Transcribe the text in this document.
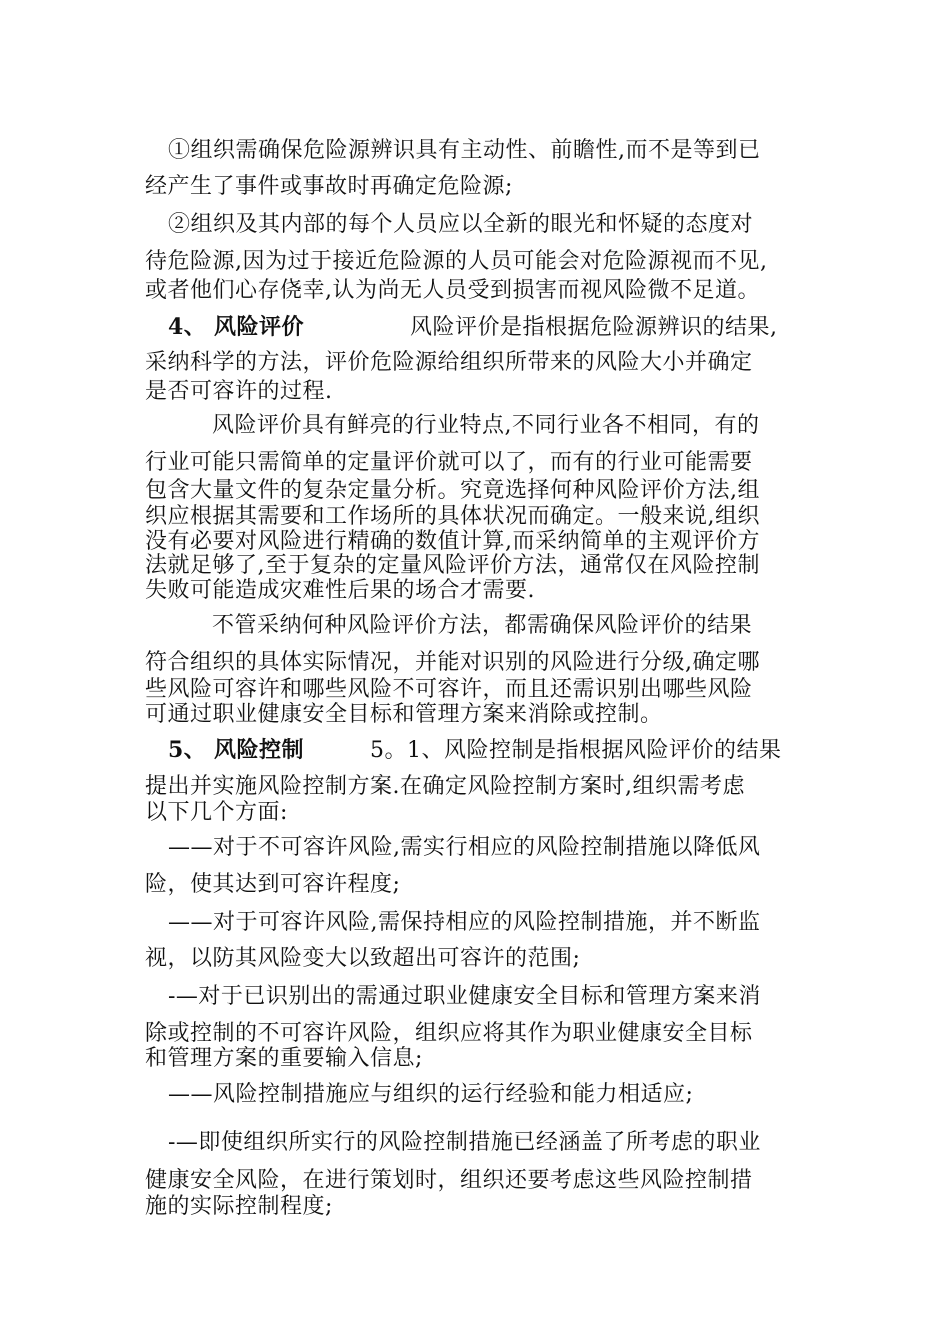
①组织需确保危险源辨识具有主动性、前瞻性,而不是等到已
经产生了事件或事故时再确定危险源;
②组织及其内部的每个人员应以全新的眼光和怀疑的态度对
待危险源,因为过于接近危险源的人员可能会对危险源视而不见,
或者他们心存侥幸,认为尚无人员受到损害而视风险微不足道。
4、 风险评价	风险评价是指根据危险源辨识的结果,
采纳科学的方法，评价危险源给组织所带来的风险大小并确定
是否可容许的过程.
风险评价具有鲜亮的行业特点,不同行业各不相同，有的
行业可能只需简单的定量评价就可以了，而有的行业可能需要
包含大量文件的复杂定量分析。究竟选择何种风险评价方法,组
织应根据其需要和工作场所的具体状况而确定。一般来说,组织
没有必要对风险进行精确的数值计算,而采纳简单的主观评价方
法就足够了,至于复杂的定量风险评价方法，通常仅在风险控制
失败可能造成灾难性后果的场合才需要.
不管采纳何种风险评价方法，都需确保风险评价的结果
符合组织的具体实际情况，并能对识别的风险进行分级,确定哪
些风险可容许和哪些风险不可容许，而且还需识别出哪些风险
可通过职业健康安全目标和管理方案来消除或控制。
5、 风险控制	5。1、风险控制是指根据风险评价的结果
提出并实施风险控制方案.在确定风险控制方案时,组织需考虑
以下几个方面:
——对于不可容许风险,需实行相应的风险控制措施以降低风
险，使其达到可容许程度;
——对于可容许风险,需保持相应的风险控制措施，并不断监
视，以防其风险变大以致超出可容许的范围;
-—对于已识别出的需通过职业健康安全目标和管理方案来消
除或控制的不可容许风险，组织应将其作为职业健康安全目标
和管理方案的重要输入信息;
——风险控制措施应与组织的运行经验和能力相适应;
-—即使组织所实行的风险控制措施已经涵盖了所考虑的职业
健康安全风险，在进行策划时，组织还要考虑这些风险控制措
施的实际控制程度;
